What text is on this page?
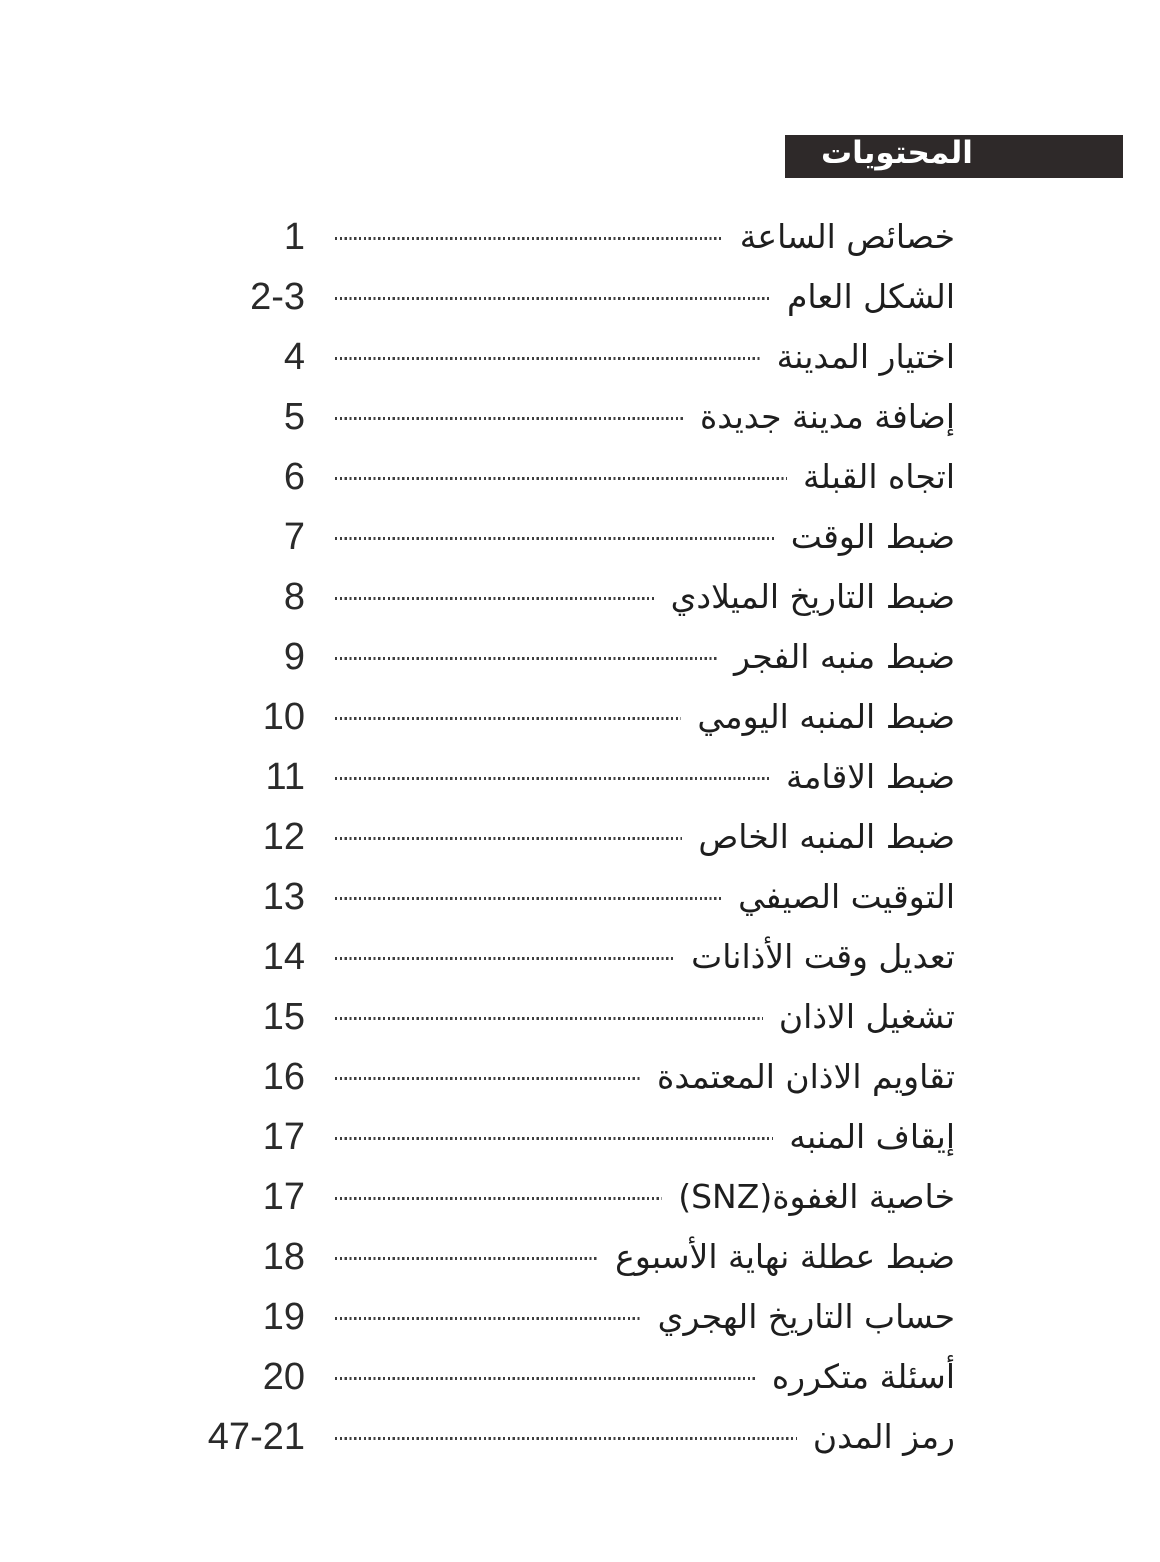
المحتويات
1	خصائص الساعة
2-3	الشكل العام
4	اختيار المدينة
5	إضافة مدينة جديدة
6	اتجاه القبلة
7	ضبط الوقت
8	ضبط التاريخ الميلادي
9	ضبط منبه الفجر
10	ضبط المنبه اليومي
11	ضبط الاقامة
12	ضبط المنبه الخاص
13	التوقيت الصيفي
14	تعديل وقت الأذانات
15	تشغيل الاذان
16	تقاويم الاذان المعتمدة
17	إيقاف المنبه
17	خاصية الغفوة(SNZ)
18	ضبط عطلة نهاية الأسبوع
19	حساب التاريخ الهجري
20	أسئلة متكرره
47-21	رمز المدن
